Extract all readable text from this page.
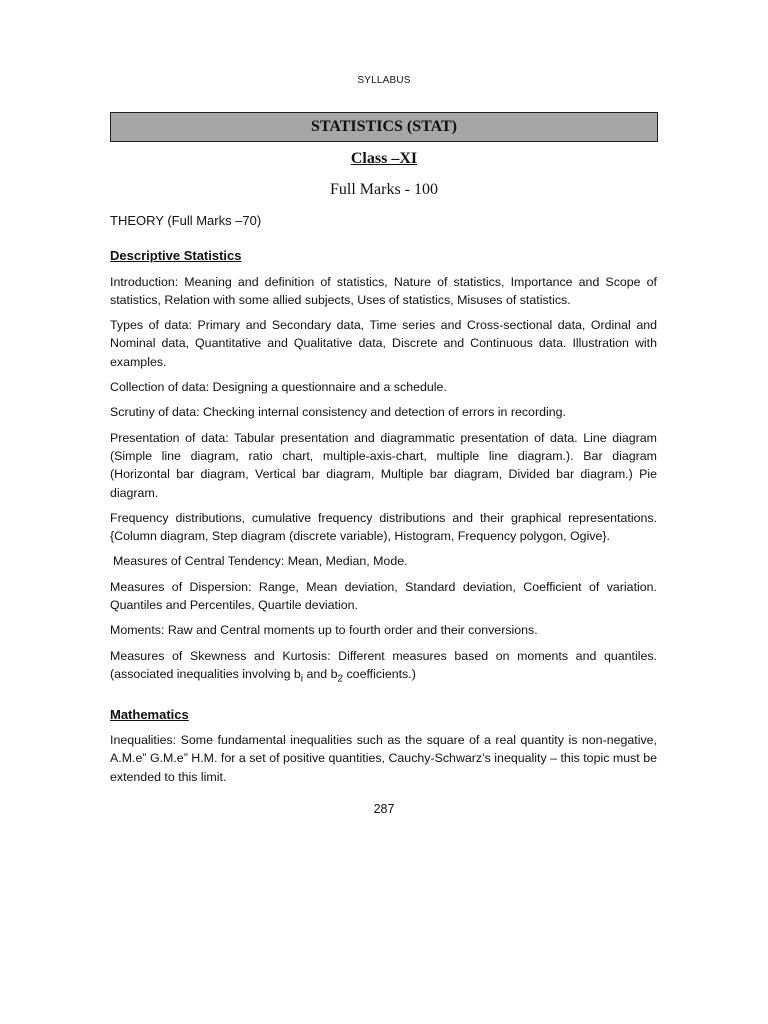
SYLLABUS
STATISTICS (STAT)
Class –XI
Full Marks - 100

THEORY (Full Marks –70)

Descriptive Statistics

Introduction: Meaning and definition of statistics, Nature of statistics, Importance and Scope of statistics, Relation with some allied subjects, Uses of statistics, Misuses of statistics.

Types of data: Primary and Secondary data, Time series and Cross-sectional data, Ordinal and Nominal data, Quantitative and Qualitative data, Discrete and Continuous data. Illustration with examples.

Collection of data: Designing a questionnaire and a schedule.

Scrutiny of data: Checking internal consistency and detection of errors in recording.

Presentation of data: Tabular presentation and diagrammatic presentation of data. Line diagram (Simple line diagram, ratio chart, multiple-axis-chart, multiple line diagram.). Bar diagram (Horizontal bar diagram, Vertical bar diagram, Multiple bar diagram, Divided bar diagram.) Pie diagram.

Frequency distributions, cumulative frequency distributions and their graphical representations. {Column diagram, Step diagram (discrete variable), Histogram, Frequency polygon, Ogive}.

Measures of Central Tendency: Mean, Median, Mode.

Measures of Dispersion: Range, Mean deviation, Standard deviation, Coefficient of variation. Quantiles and Percentiles, Quartile deviation.

Moments: Raw and Central moments up to fourth order and their conversions.

Measures of Skewness and Kurtosis: Different measures based on moments and quantiles. (associated inequalities involving $b_i$ and $b_2$ coefficients.)

Mathematics

Inequalities: Some fundamental inequalities such as the square of a real quantity is non-negative, A.M.e” G.M.e” H.M. for a set of positive quantities, Cauchy-Schwarz’s inequality – this topic must be extended to this limit.

287
